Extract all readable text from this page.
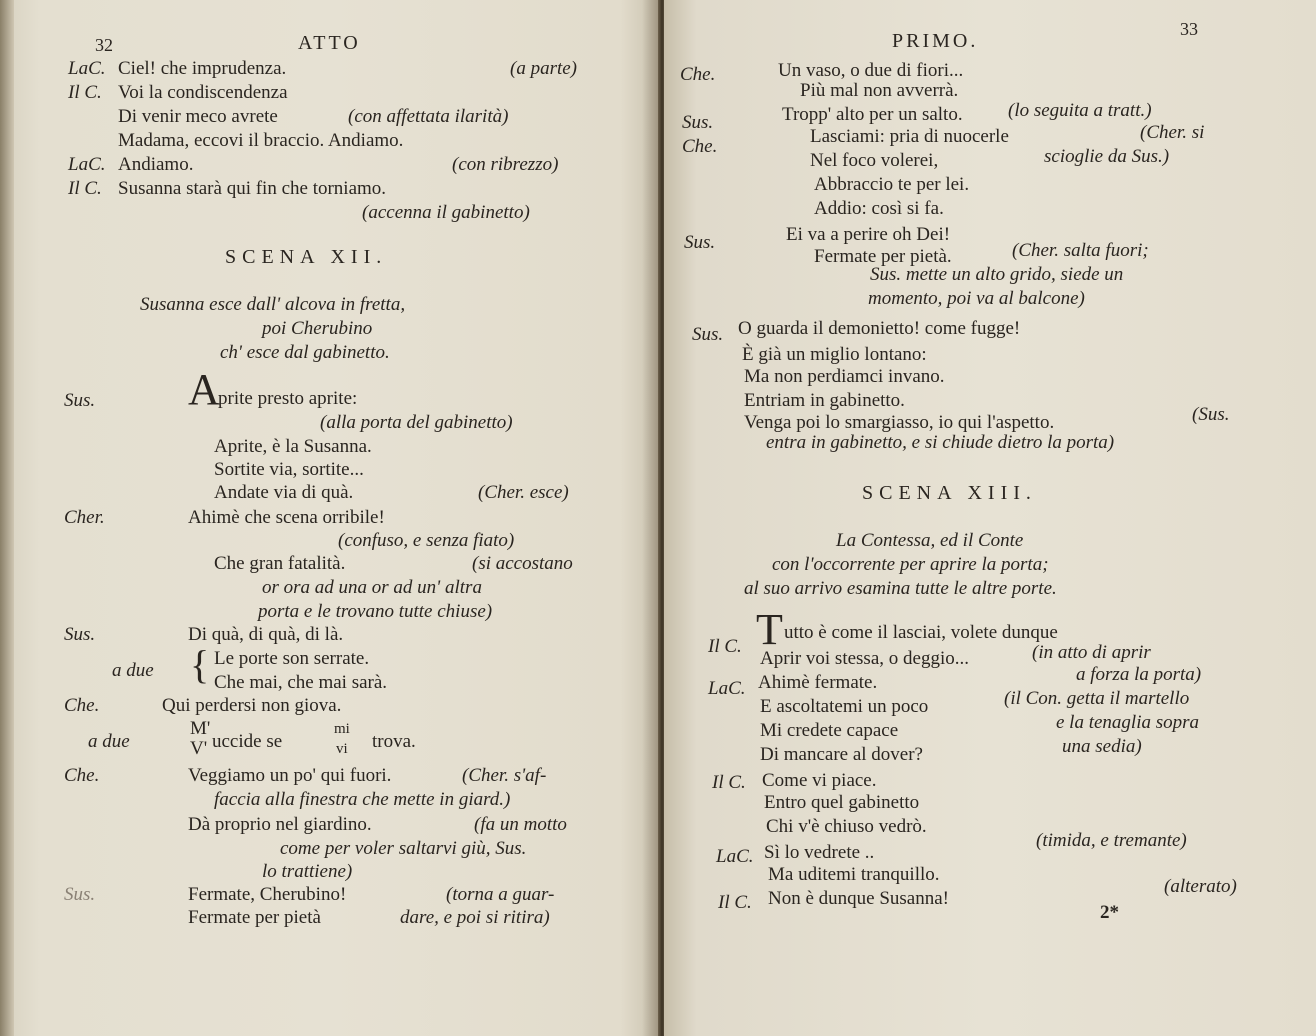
32	ATTO
LaC. Ciel! che imprudenza.	(a parte)
Il C. Voi la condiscendenza
Di venir meco avrete	(con affettata ilarità)
Madama, eccovi il braccio. Andiamo.
LaC. Andiamo.	(con ribrezzo)
Il C. Susanna starà qui fin che torniamo.
(accenna il gabinetto)
SCENA XII.
Susanna esce dall' alcova in fretta,
poi Cherubino
ch' esce dal gabinetto.
Sus. A
prite presto aprite:
(alla porta del gabinetto)
Aprite, è la Susanna.
Sortite via, sortite...
Andate via di quà.	(Cher. esce)
Cher.	Ahimè che scena orribile!
(confuso, e senza fiato)
Che gran fatalità.	(si accostano
or ora ad una or ad un' altra
porta e le trovano tutte chiuse)
Sus.	Di quà, di quà, di là.
a due { Le porte son serrate.
Che mai, che mai sarà.
Che.	Qui perdersi non giova.
a due
M'
V' uccide se
mi
vi trova.
Che.	Veggiamo un po' qui fuori.	(Cher. s'af-
faccia alla finestra che mette in giard.)
Dà proprio nel giardino.	(fa un motto
come per voler saltarvi giù, Sus.
lo trattiene)
Sus.	Fermate, Cherubino!	(torna a guar-
Fermate per pietà	dare, e poi si ritira)
PRIMO.
33
Che.	Un vaso, o due di fiori...
Più mal non avverrà.
Sus.	Tropp' alto per un salto. (lo seguita a tratt.)
Che.	Lasciami: pria di nuocerle	(Cher. si
Nel foco volerei,	scioglie da Sus.)
Abbraccio te per lei.
Addio: così si fa.
Sus.	Ei va a perire oh Dei!
Fermate per pietà.	(Cher. salta fuori;
Sus. mette un alto grido, siede un
momento, poi va al balcone)
Sus. O guarda il demonietto! come fugge!
È già un miglio lontano:
Ma non perdiamci invano.
Entriam in gabinetto.
Venga poi lo smargiasso, io qui l'aspetto.	(Sus.
entra in gabinetto, e si chiude dietro la porta)
SCENA XIII.
La Contessa, ed il Conte
con l'occorrente per aprire la porta;
al suo arrivo esamina tutte le altre porte.
Il C. T utto è come il lasciai, volete dunque
Aprir voi stessa, o deggio...	(in atto di aprir
LaC. Ahimè fermate.	a forza la porta)
E ascoltatemi un poco	(il Con. getta il martello
Mi credete capace	e la tenaglia sopra
Di mancare al dover?	una sedia)
Il C. Come vi piace.
Entro quel gabinetto
Chi v'è chiuso vedrò.
LaC. Sì lo vedrete ..
(timida, e tremante)
Ma uditemi tranquillo.
Il C. Non è dunque Susanna!
(alterato)
2*
